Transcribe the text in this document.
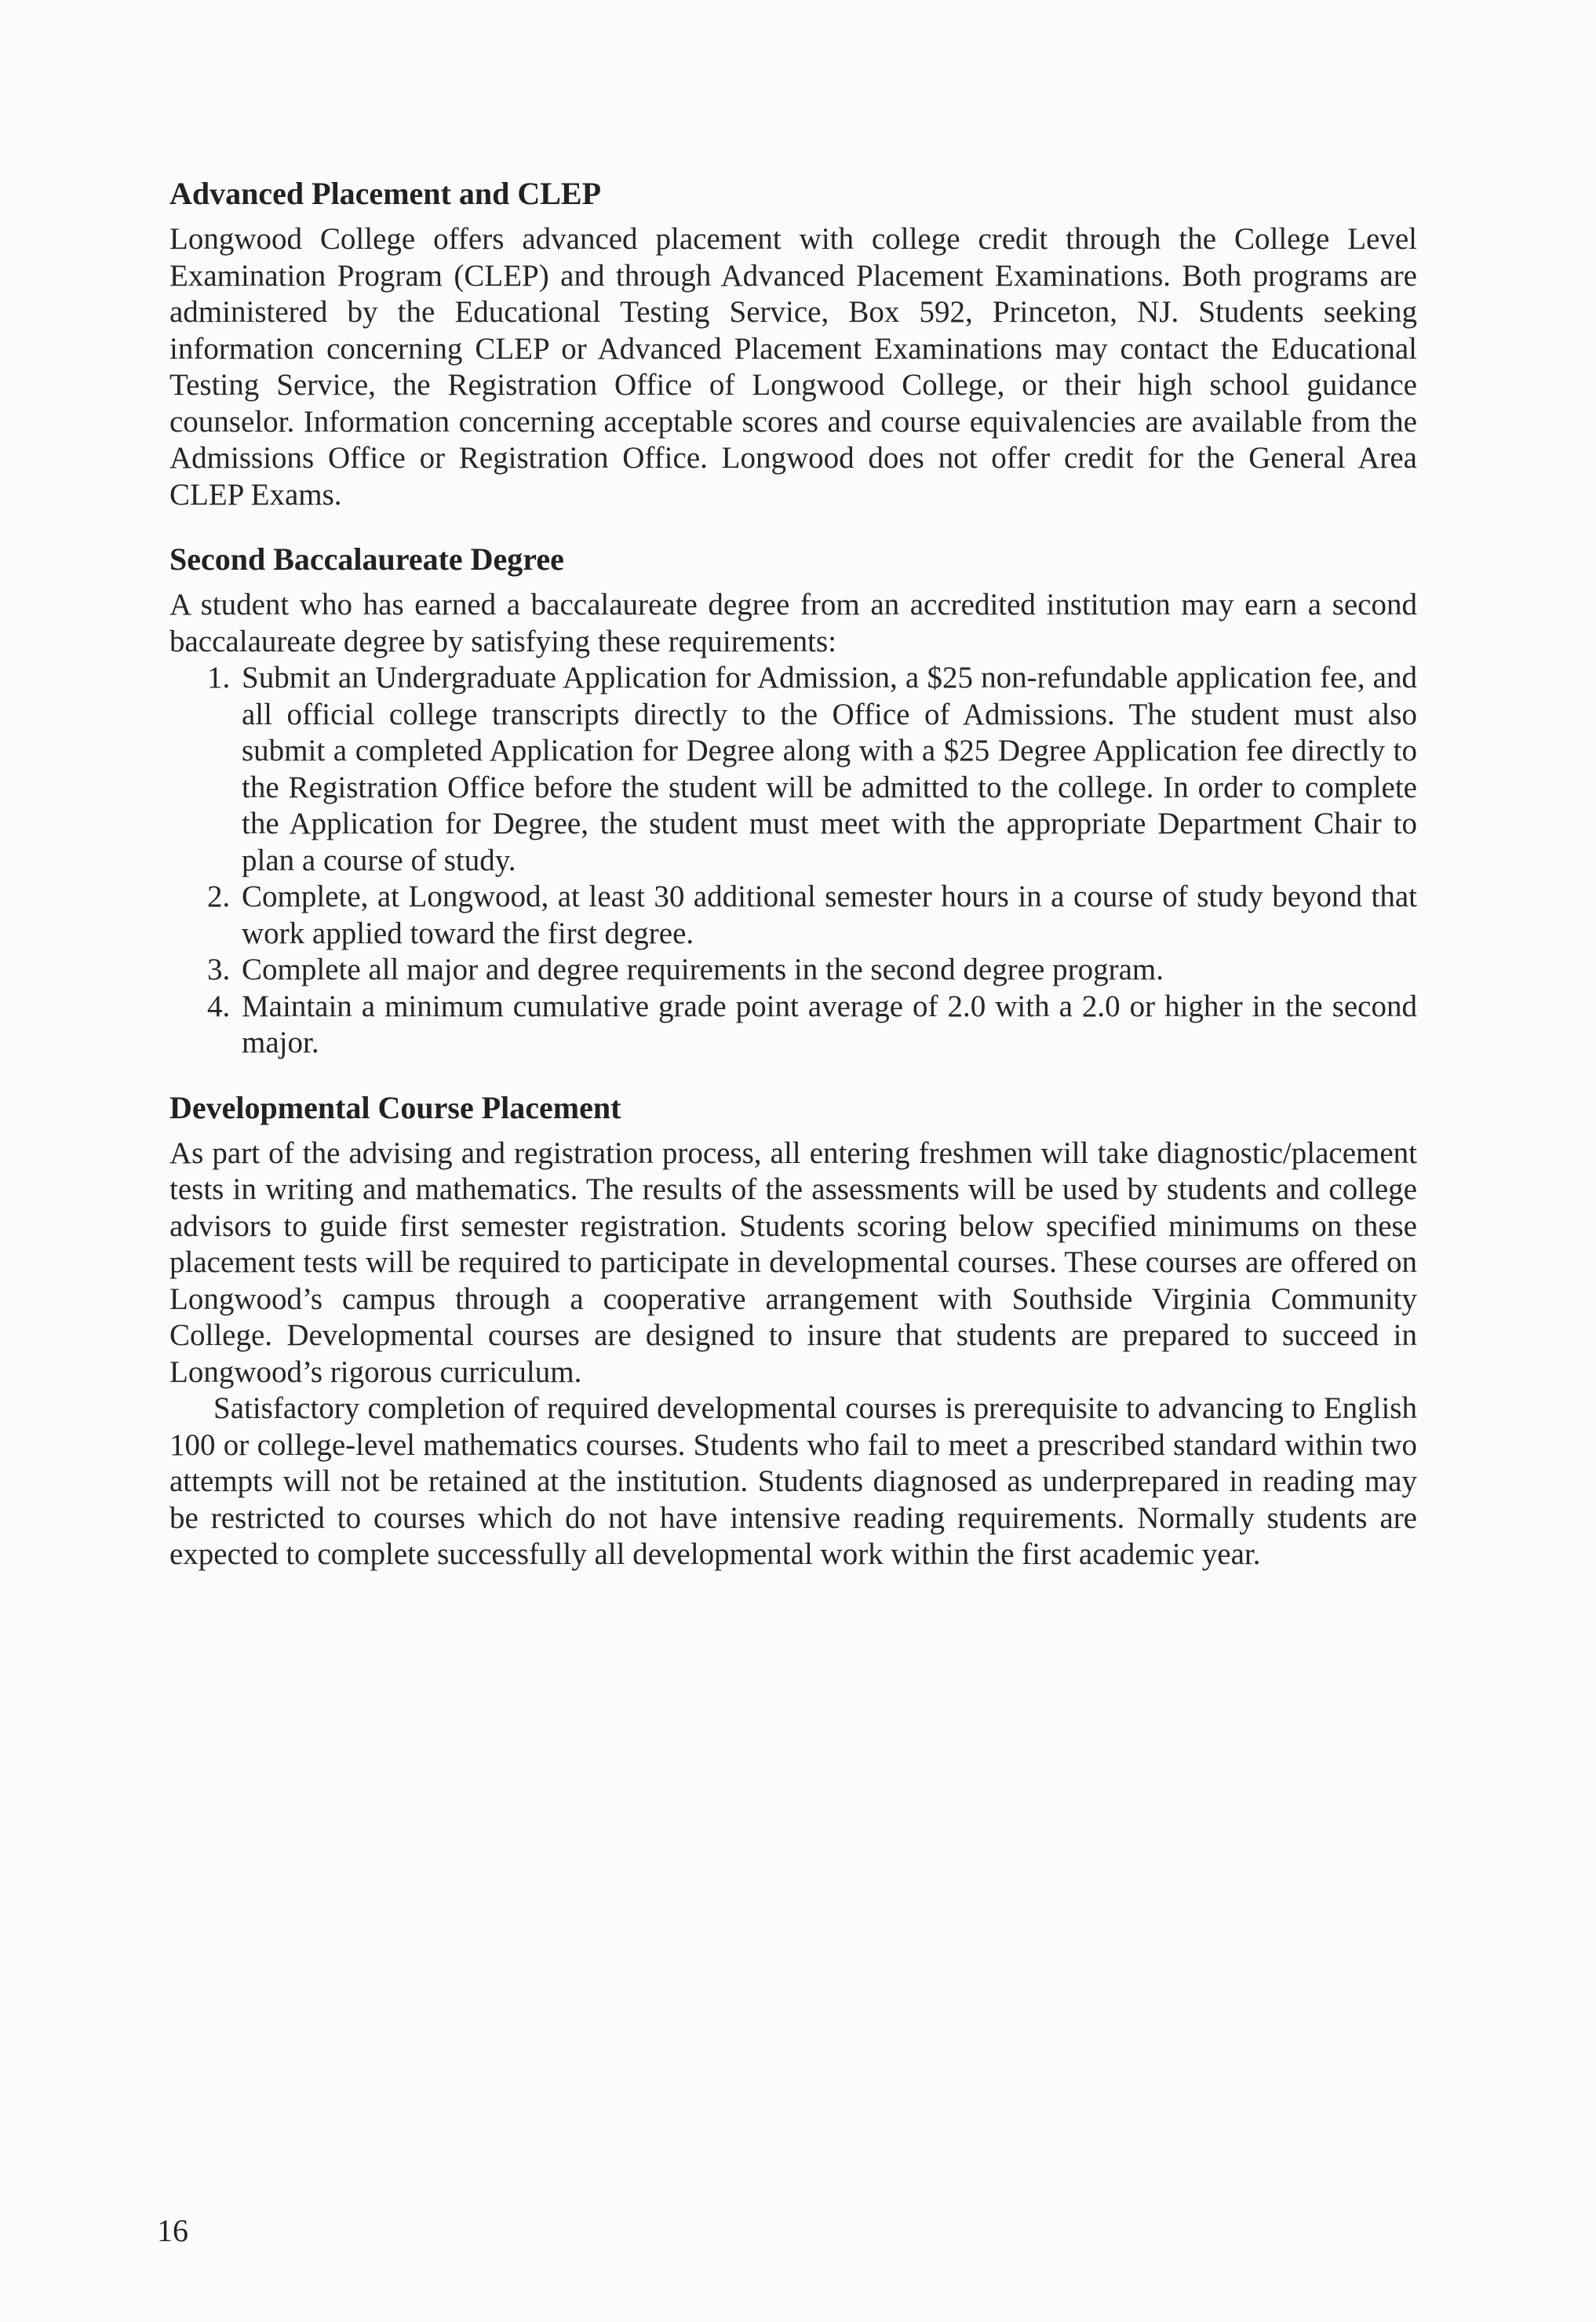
Advanced Placement and CLEP

Longwood College offers advanced placement with college credit through the College Level Examination Program (CLEP) and through Advanced Placement Examinations. Both programs are administered by the Educational Testing Service, Box 592, Princeton, NJ. Students seeking information concerning CLEP or Advanced Placement Examinations may contact the Educational Testing Service, the Registration Office of Longwood College, or their high school guidance counselor. Information concerning acceptable scores and course equivalencies are available from the Admissions Office or Registration Office. Longwood does not offer credit for the General Area CLEP Exams.

Second Baccalaureate Degree

A student who has earned a baccalaureate degree from an accredited institution may earn a second baccalaureate degree by satisfying these requirements:

1. Submit an Undergraduate Application for Admission, a $25 non-refundable application fee, and all official college transcripts directly to the Office of Admissions. The student must also submit a completed Application for Degree along with a $25 Degree Application fee directly to the Registration Office before the student will be admitted to the college. In order to complete the Application for Degree, the student must meet with the appropriate Department Chair to plan a course of study.
2. Complete, at Longwood, at least 30 additional semester hours in a course of study beyond that work applied toward the first degree.
3. Complete all major and degree requirements in the second degree program.
4. Maintain a minimum cumulative grade point average of 2.0 with a 2.0 or higher in the second major.
Developmental Course Placement

As part of the advising and registration process, all entering freshmen will take diagnostic/placement tests in writing and mathematics. The results of the assessments will be used by students and college advisors to guide first semester registration. Students scoring below specified minimums on these placement tests will be required to participate in developmental courses. These courses are offered on Longwood’s campus through a cooperative arrangement with Southside Virginia Community College. Developmental courses are designed to insure that students are prepared to succeed in Longwood’s rigorous curriculum.

Satisfactory completion of required developmental courses is prerequisite to advancing to English 100 or college-level mathematics courses. Students who fail to meet a prescribed standard within two attempts will not be retained at the institution. Students diagnosed as underprepared in reading may be restricted to courses which do not have intensive reading requirements. Normally students are expected to complete successfully all developmental work within the first academic year.

16
